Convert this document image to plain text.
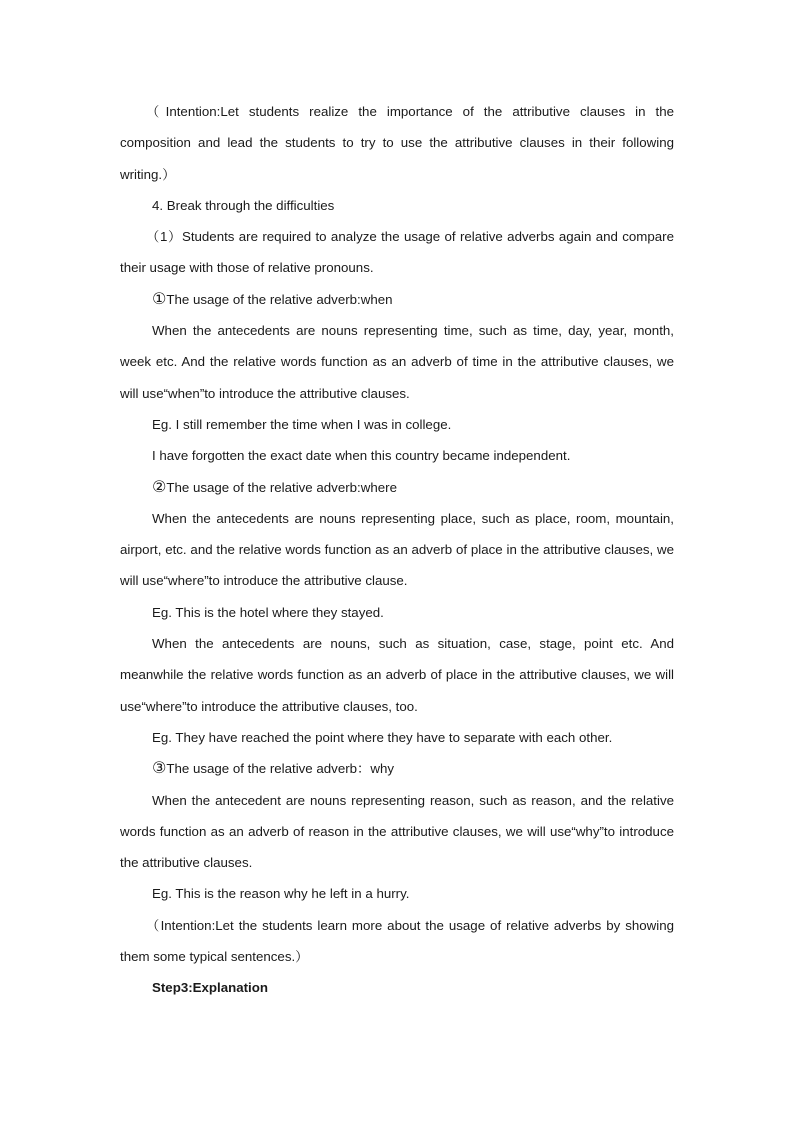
（Intention:Let students realize the importance of the attributive clauses in the composition and lead the students to try to use the attributive clauses in their following writing.）

4. Break through the difficulties

（1）Students are required to analyze the usage of relative adverbs again and compare their usage with those of relative pronouns.

①The usage of the relative adverb:when

When the antecedents are nouns representing time, such as time, day, year, month, week etc. And the relative words function as an adverb of time in the attributive clauses, we will use“when”to introduce the attributive clauses.

Eg. I still remember the time when I was in college.

I have forgotten the exact date when this country became independent.

②The usage of the relative adverb:where

When the antecedents are nouns representing place, such as place, room, mountain, airport, etc. and the relative words function as an adverb of place in the attributive clauses, we will use“where”to introduce the attributive clause.

Eg. This is the hotel where they stayed.

When the antecedents are nouns, such as situation, case, stage, point etc. And meanwhile the relative words function as an adverb of place in the attributive clauses, we will use“where”to introduce the attributive clauses, too.

Eg. They have reached the point where they have to separate with each other.

③The usage of the relative adverb：why

When the antecedent are nouns representing reason, such as reason, and the relative words function as an adverb of reason in the attributive clauses, we will use“why”to introduce the attributive clauses.

Eg. This is the reason why he left in a hurry.

（Intention:Let the students learn more about the usage of relative adverbs by showing them some typical sentences.）

Step3:Explanation
